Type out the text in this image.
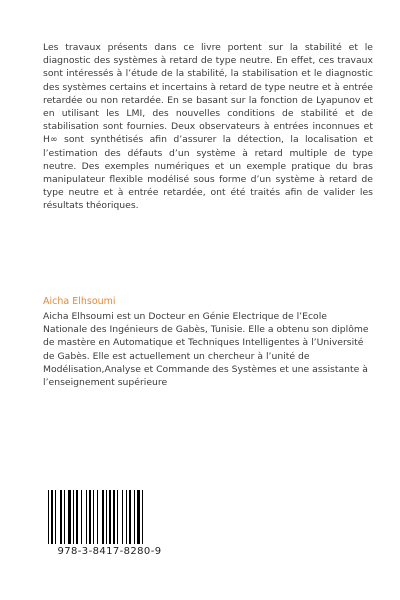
Les travaux présents dans ce livre portent sur la stabilité et le diagnostic des systèmes à retard de type neutre. En effet, ces travaux sont intéressés à l’étude de la stabilité, la stabilisation et le diagnostic des systèmes certains et incertains à retard de type neutre et à entrée retardée ou non retardée. En se basant sur la fonction de Lyapunov et en utilisant les LMI, des nouvelles conditions de stabilité et de stabilisation sont fournies. Deux observateurs à entrées inconnues et H∞ sont synthétisés afin d’assurer la détection, la localisation et l’estimation des défauts d’un système à retard multiple de type neutre. Des exemples numériques et un exemple pratique du bras manipulateur flexible modélisé sous forme d’un système à retard de type neutre et à entrée retardée, ont été traités afin de valider les résultats théoriques.

Aicha Elhsoumi

Aicha Elhsoumi est un Docteur en Génie Electrique de l’Ecole Nationale des Ingénieurs de Gabès, Tunisie. Elle a obtenu son diplôme de mastère en Automatique et Techniques Intelligentes à l’Université de Gabès. Elle est actuellement un chercheur à l’unité de Modélisation,Analyse et Commande des Systèmes et une assistante à l’enseignement supérieure

978-3-8417-8280-9
